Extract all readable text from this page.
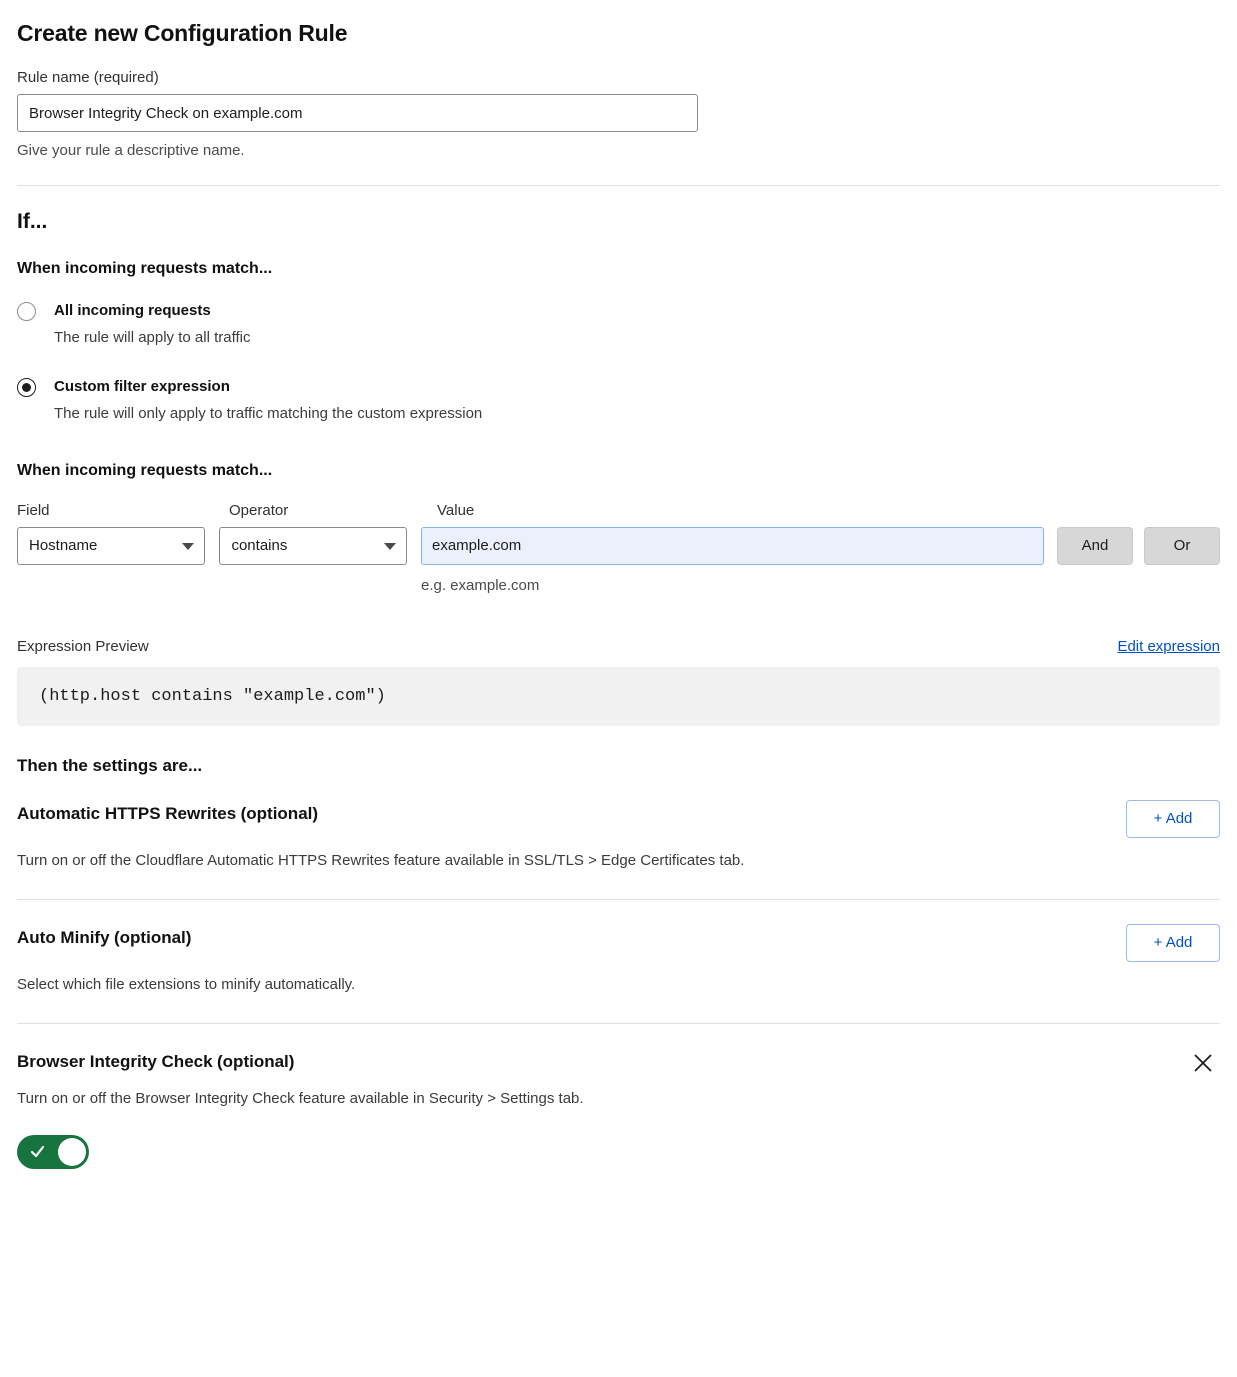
Create new Configuration Rule
Rule name (required)
Browser Integrity Check on example.com
Give your rule a descriptive name.
If...
When incoming requests match...
All incoming requests
The rule will apply to all traffic
Custom filter expression
The rule will only apply to traffic matching the custom expression
When incoming requests match...
Field	Operator	Value
Hostname	contains
example.com
e.g. example.com
And	Or
Expression Preview	Edit expression
(http.host contains "example.com")
Then the settings are...
Automatic HTTPS Rewrites (optional)	+ Add
Turn on or off the Cloudflare Automatic HTTPS Rewrites feature available in SSL/TLS > Edge Certificates tab.
Auto Minify (optional)	+ Add
Select which file extensions to minify automatically.
Browser Integrity Check (optional)
Turn on or off the Browser Integrity Check feature available in Security > Settings tab.
